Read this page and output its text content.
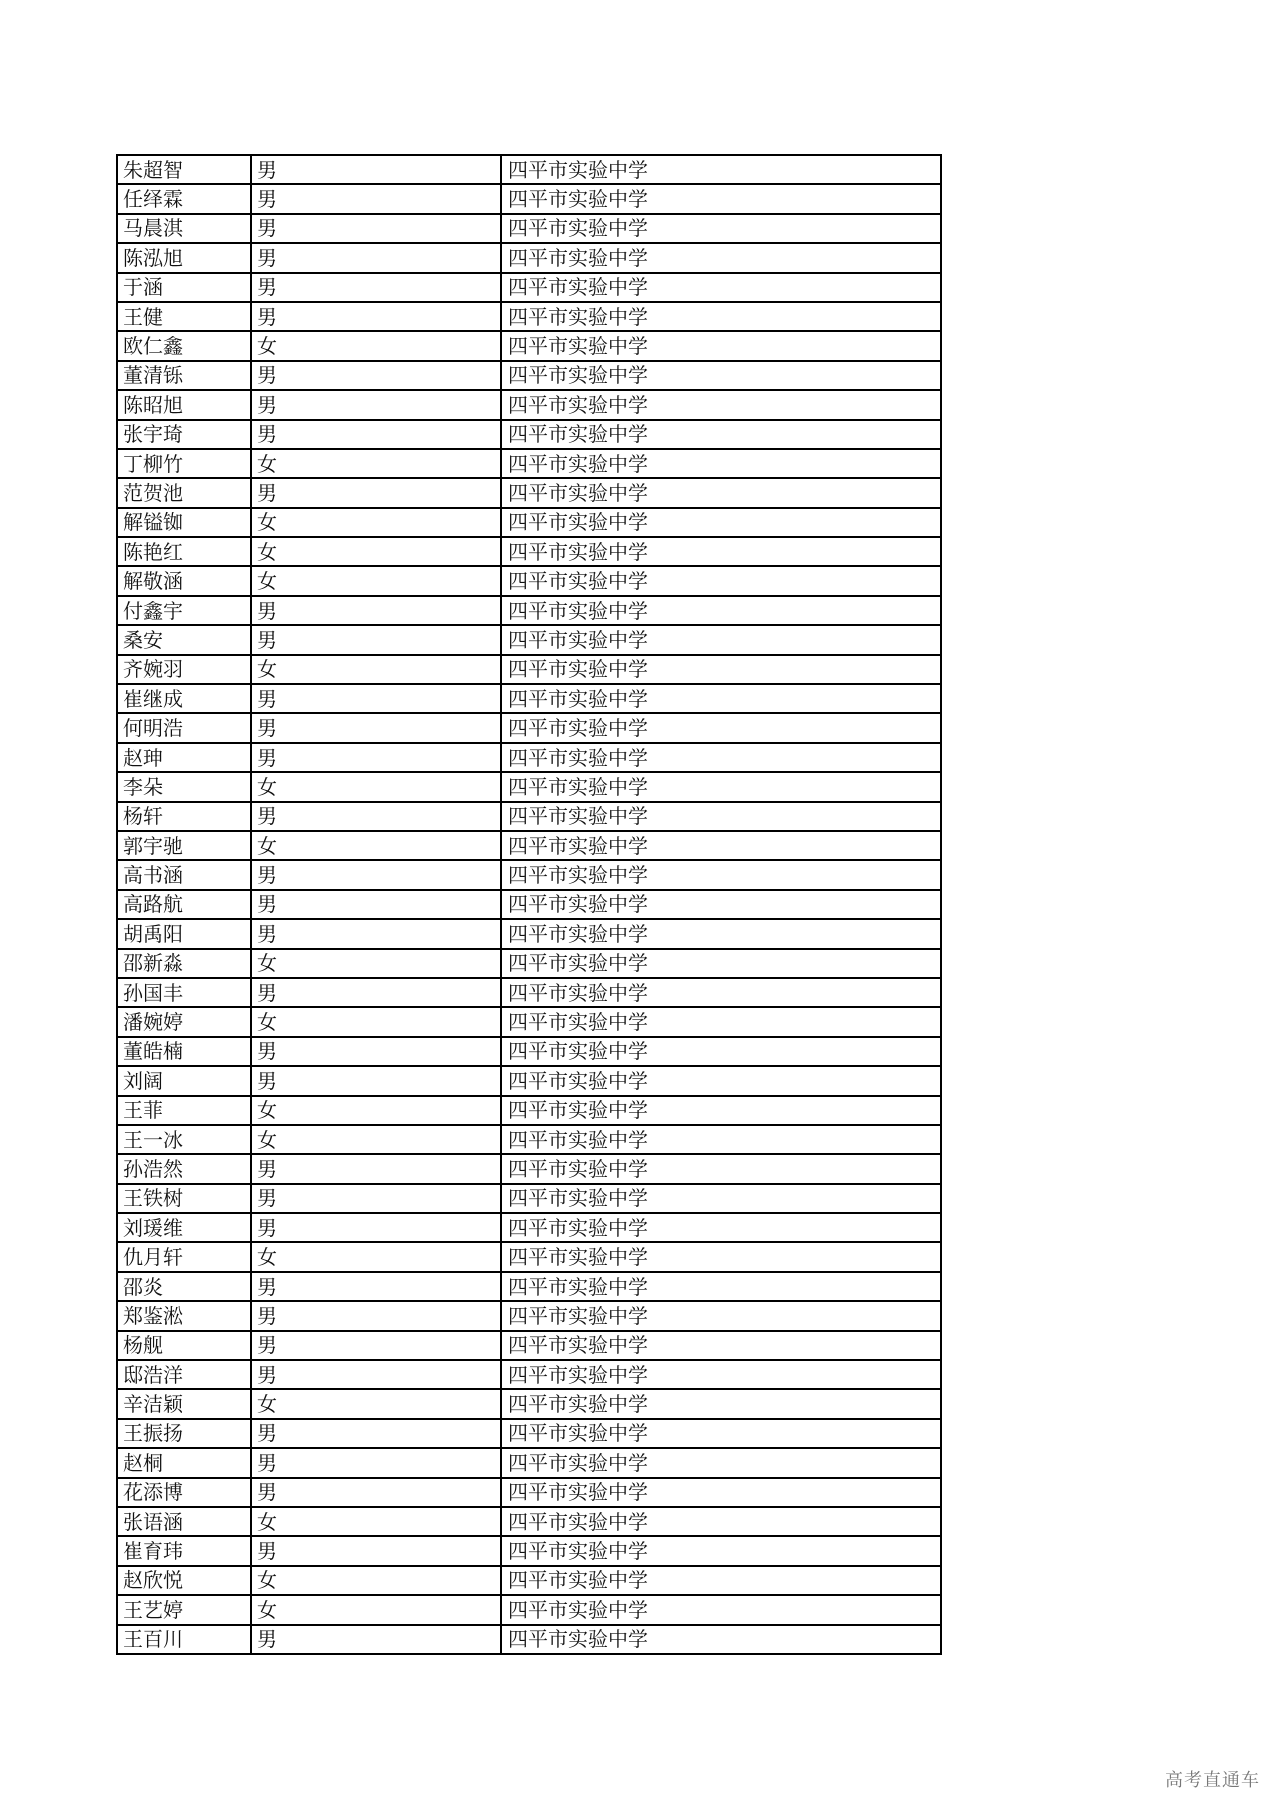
朱超智	男	四平市实验中学
任绎霖	男	四平市实验中学
马晨淇	男	四平市实验中学
陈泓旭	男	四平市实验中学
于涵	男	四平市实验中学
王健	男	四平市实验中学
欧仁鑫	女	四平市实验中学
董清铄	男	四平市实验中学
陈昭旭	男	四平市实验中学
张宇琦	男	四平市实验中学
丁柳竹	女	四平市实验中学
范贺池	男	四平市实验中学
解镒铷	女	四平市实验中学
陈艳红	女	四平市实验中学
解敬涵	女	四平市实验中学
付鑫宇	男	四平市实验中学
桑安	男	四平市实验中学
齐婉羽	女	四平市实验中学
崔继成	男	四平市实验中学
何明浩	男	四平市实验中学
赵珅	男	四平市实验中学
李朵	女	四平市实验中学
杨轩	男	四平市实验中学
郭宇驰	女	四平市实验中学
高书涵	男	四平市实验中学
高路航	男	四平市实验中学
胡禹阳	男	四平市实验中学
邵新淼	女	四平市实验中学
孙国丰	男	四平市实验中学
潘婉婷	女	四平市实验中学
董皓楠	男	四平市实验中学
刘阔	男	四平市实验中学
王菲	女	四平市实验中学
王一冰	女	四平市实验中学
孙浩然	男	四平市实验中学
王铁树	男	四平市实验中学
刘瑗维	男	四平市实验中学
仇月轩	女	四平市实验中学
邵炎	男	四平市实验中学
郑鉴淞	男	四平市实验中学
杨舰	男	四平市实验中学
邸浩洋	男	四平市实验中学
辛洁颖	女	四平市实验中学
王振扬	男	四平市实验中学
赵桐	男	四平市实验中学
花添博	男	四平市实验中学
张语涵	女	四平市实验中学
崔育玮	男	四平市实验中学
赵欣悦	女	四平市实验中学
王艺婷	女	四平市实验中学
王百川	男	四平市实验中学
高考直通车
